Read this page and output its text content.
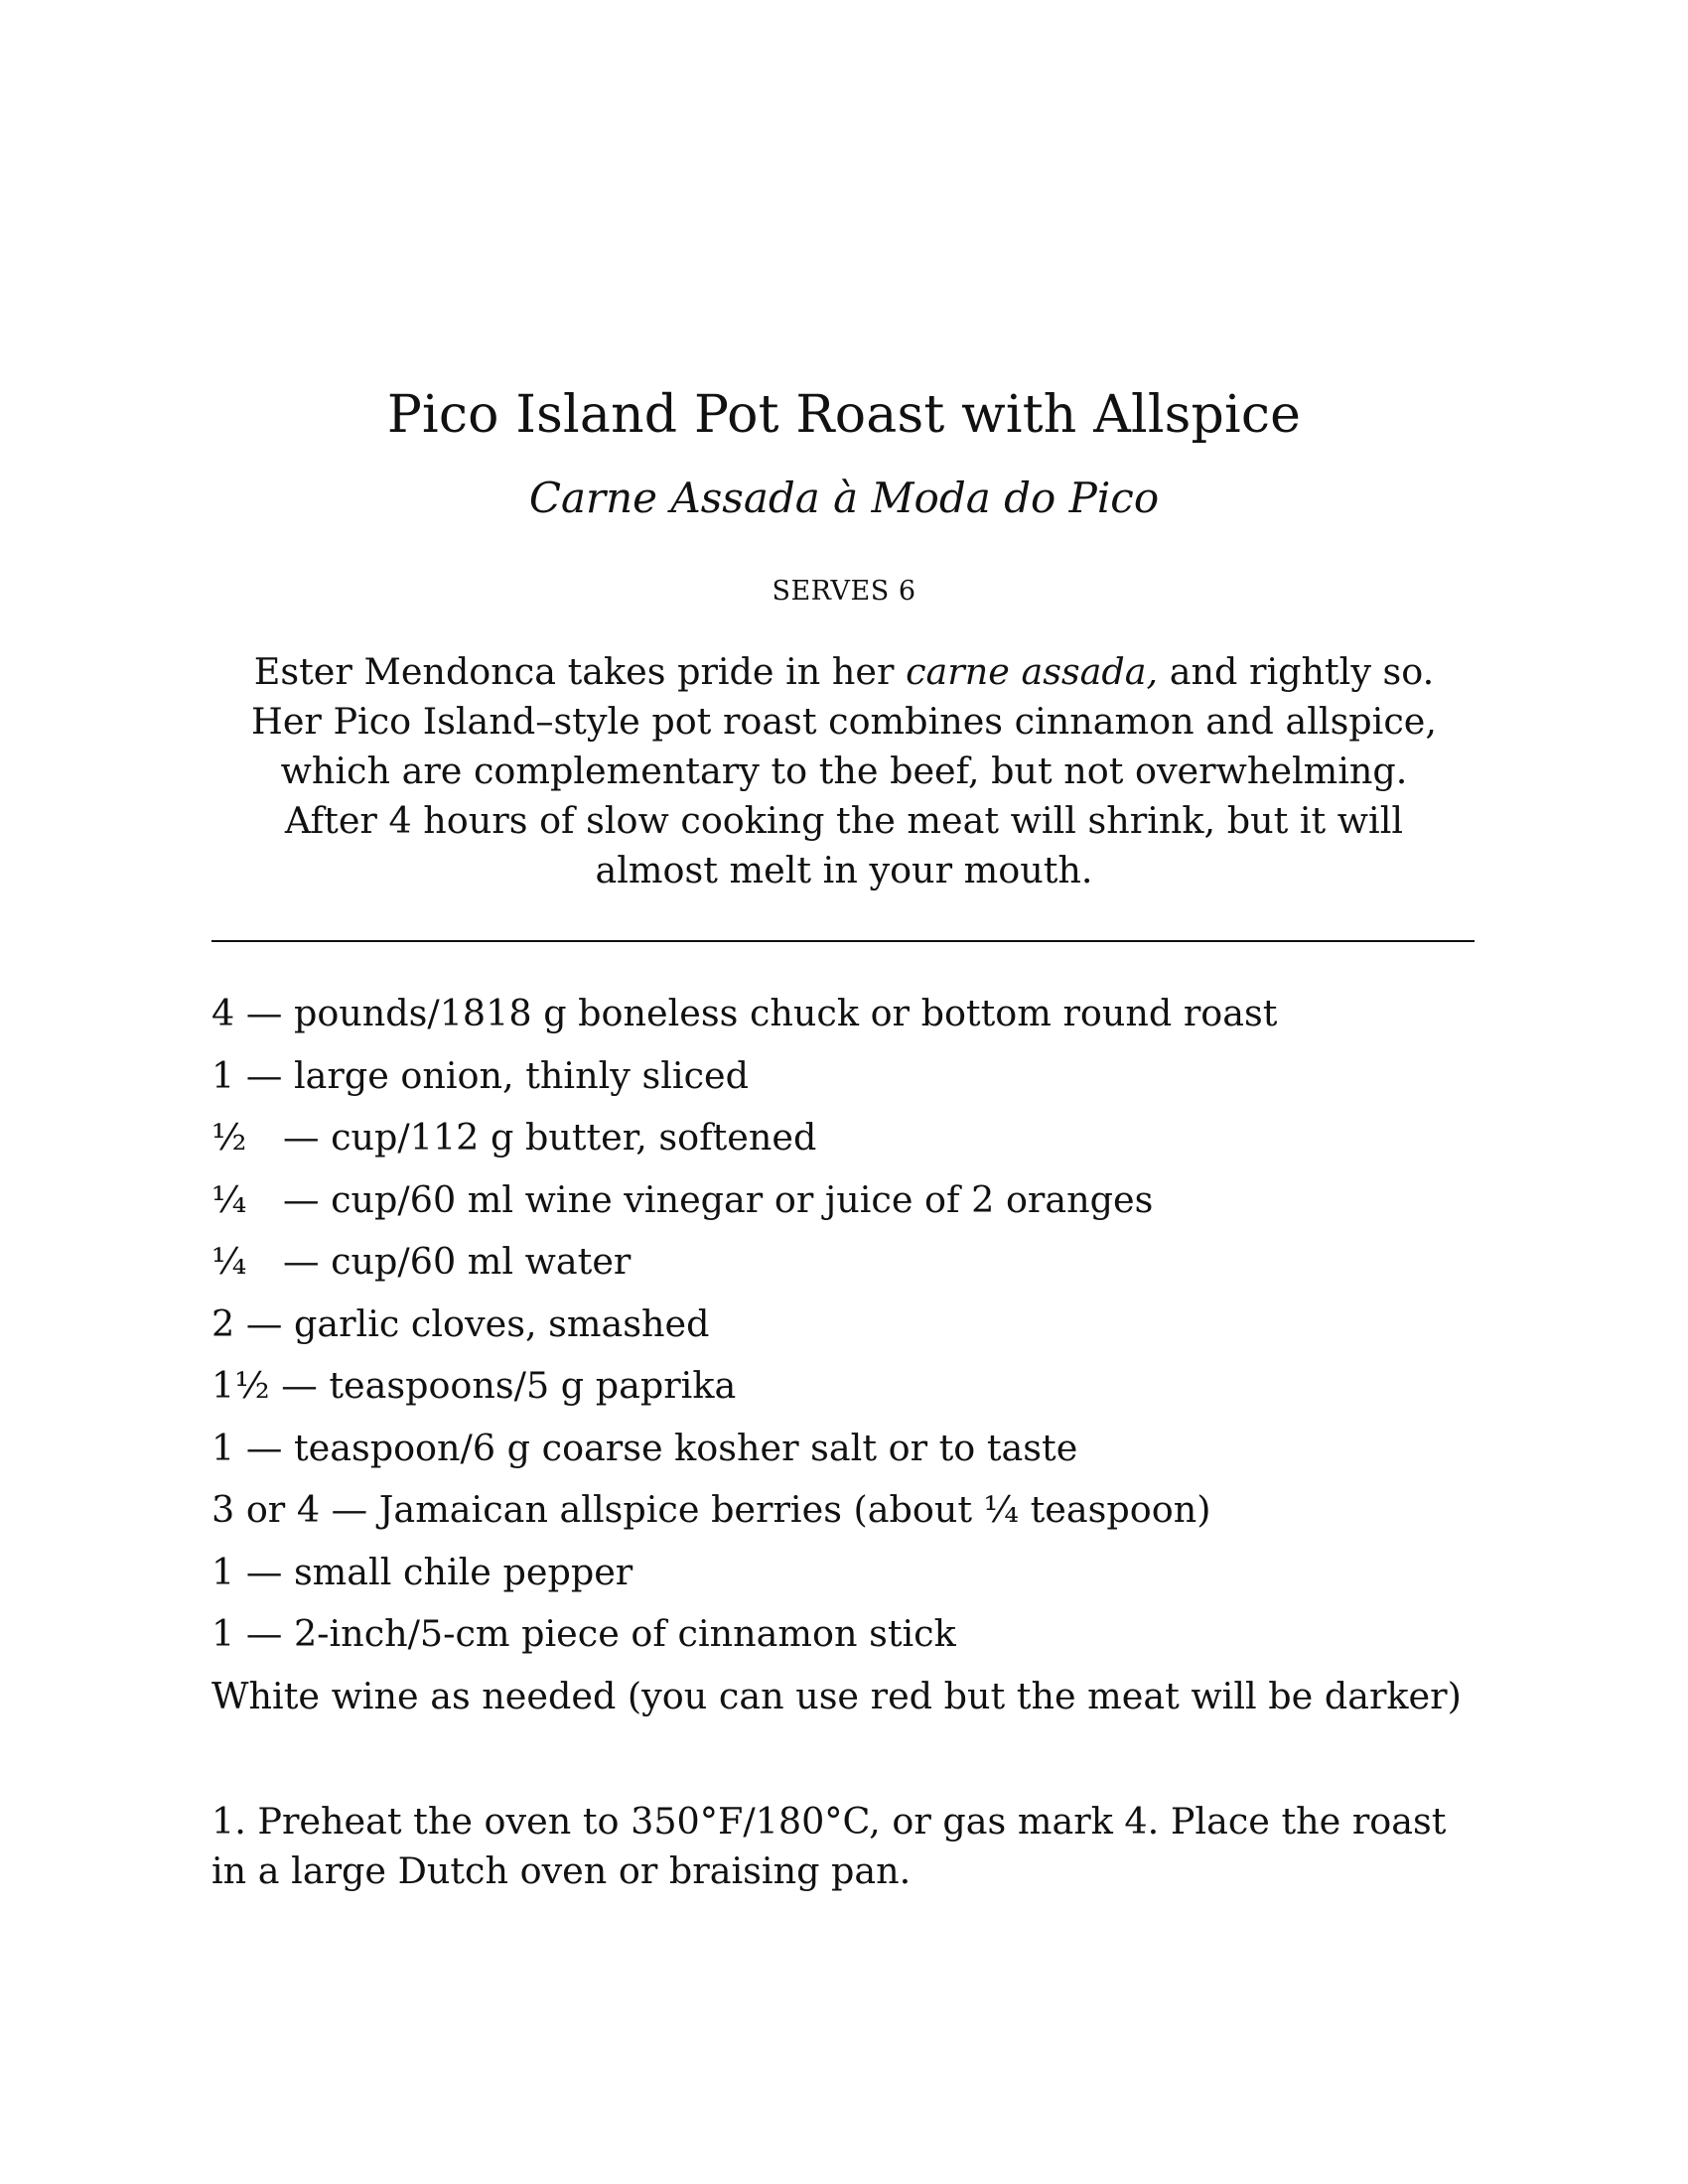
Pico Island Pot Roast with Allspice

Carne Assada à Moda do Pico

SERVES 6

Ester Mendonca takes pride in her carne assada, and rightly so.
Her Pico Island–style pot roast combines cinnamon and allspice,
which are complementary to the beef, but not overwhelming.
After 4 hours of slow cooking the meat will shrink, but it will
almost melt in your mouth.
4 — pounds/1818 g boneless chuck or bottom round roast
1 — large onion, thinly sliced
½ — cup/112 g butter, softened
¼ — cup/60 ml wine vinegar or juice of 2 oranges
¼ — cup/60 ml water
2 — garlic cloves, smashed
1½ — teaspoons/5 g paprika
1 — teaspoon/6 g coarse kosher salt or to taste
3 or 4 — Jamaican allspice berries (about ¼ teaspoon)
1 — small chile pepper
1 — 2-inch/5-cm piece of cinnamon stick
White wine as needed (you can use red but the meat will be darker)
1. Preheat the oven to 350°F/180°C, or gas mark 4. Place the roast
in a large Dutch oven or braising pan.
